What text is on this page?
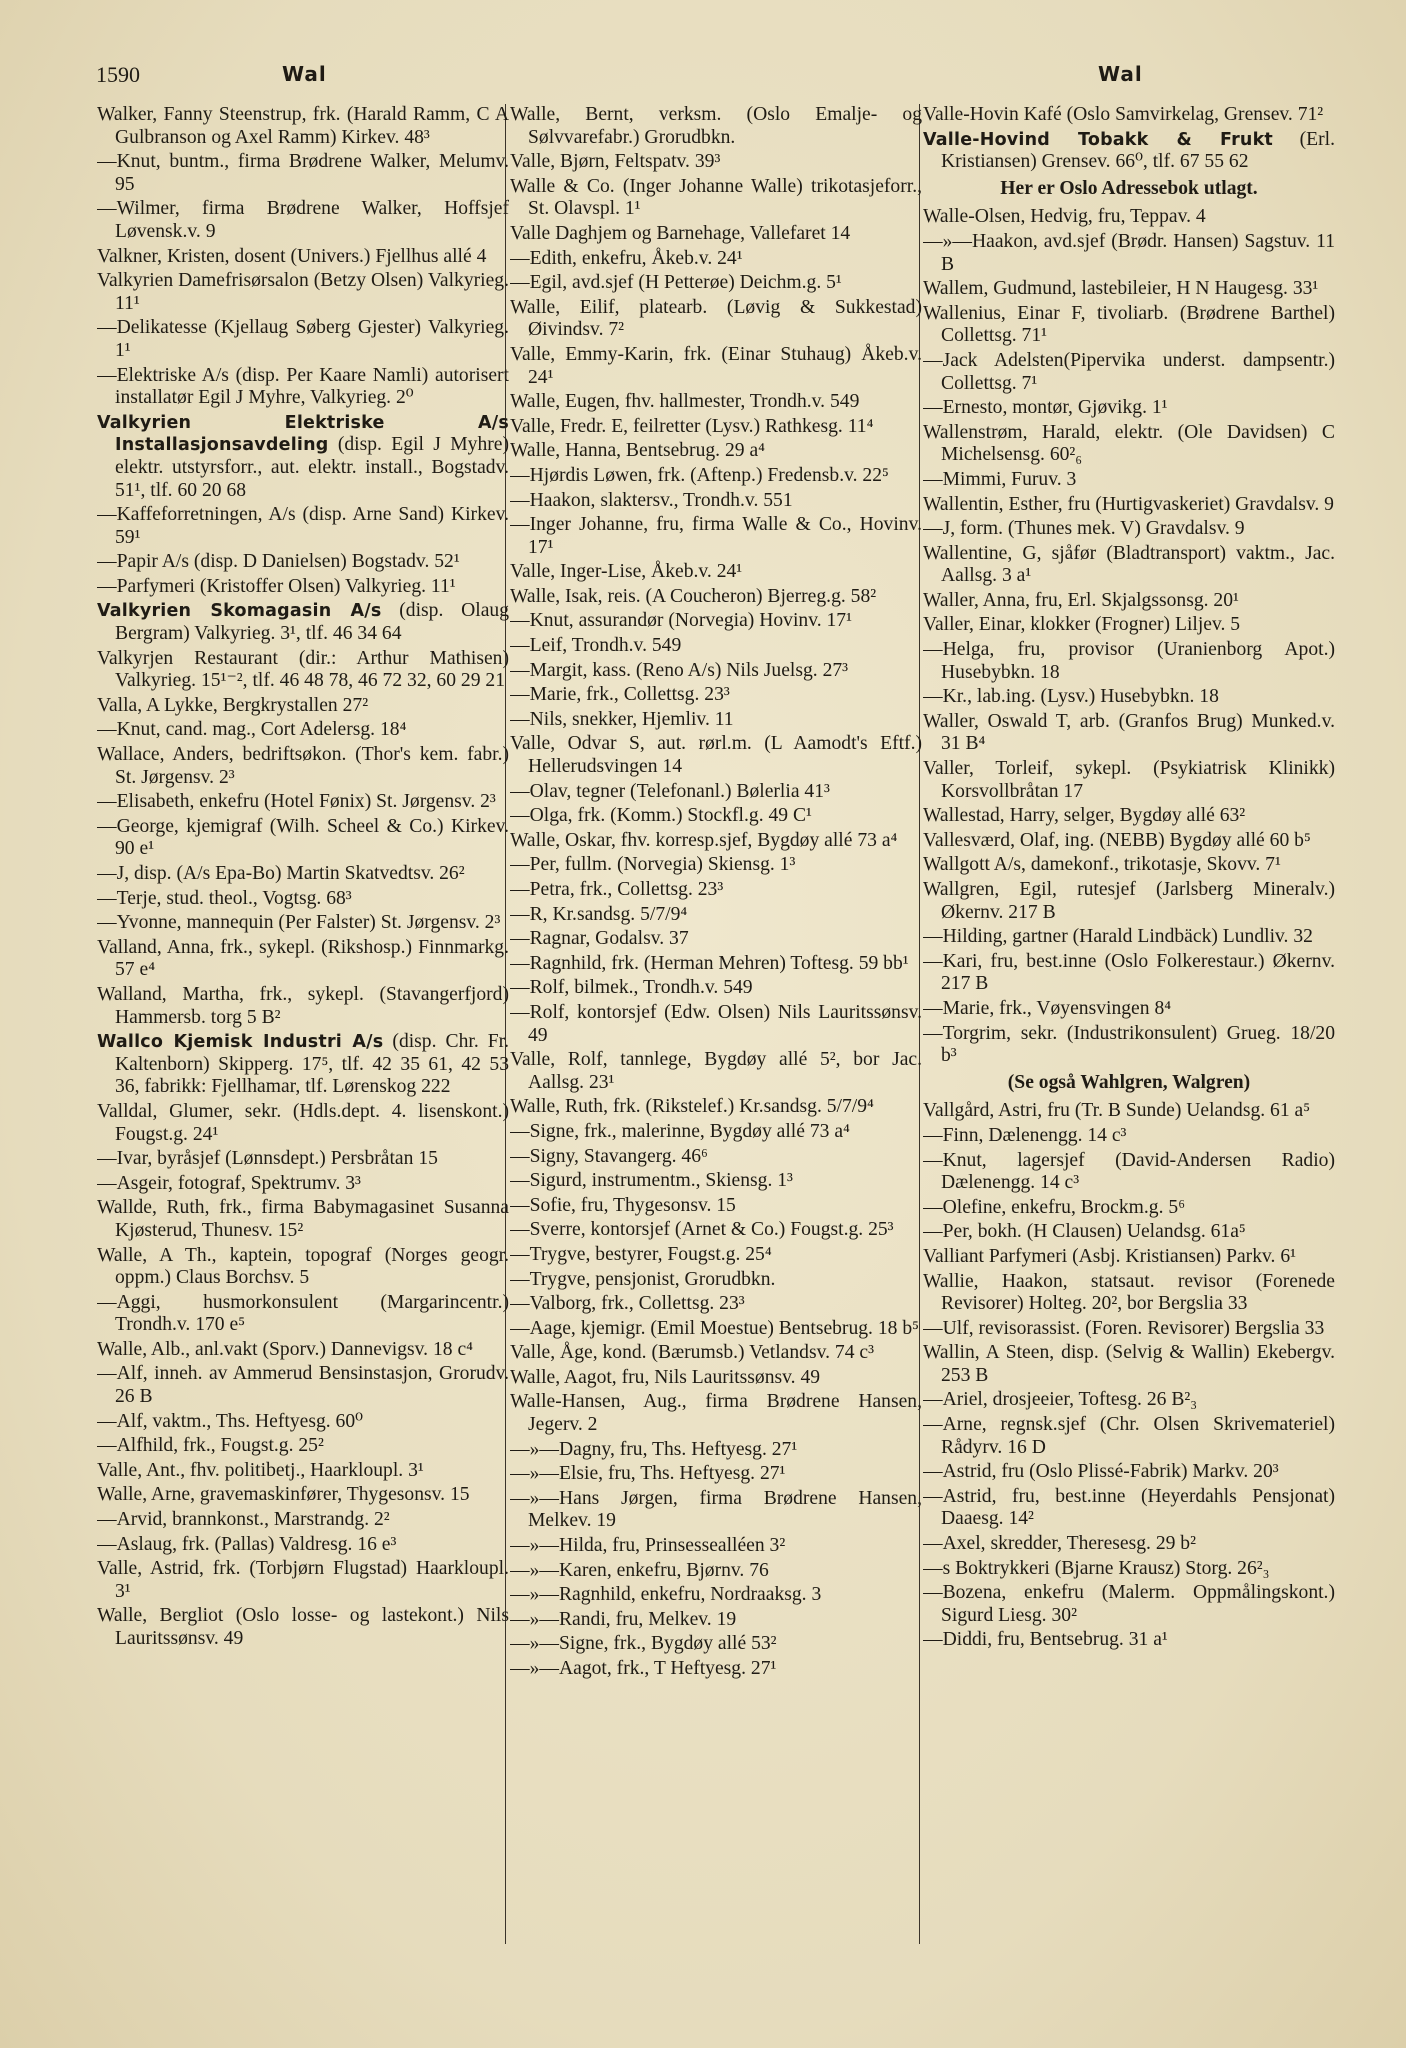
1590	Wal	Wal

Walker, Fanny Steenstrup, frk. (Harald Ramm, C A Gulbranson og Axel Ramm) Kirkev. 48³

—Knut, buntm., firma Brødrene Walker, Melumv. 95

—Wilmer, firma Brødrene Walker, Hoffsjef Løvensk.v. 9

Valkner, Kristen, dosent (Univers.) Fjellhus allé 4

Valkyrien Damefrisørsalon (Betzy Olsen) Valkyrieg. 11¹

—Delikatesse (Kjellaug Søberg Gjester) Valkyrieg. 1¹

—Elektriske A/s (disp. Per Kaare Namli) autorisert installatør Egil J Myhre, Valkyrieg. 2⁰

Valkyrien Elektriske A/s Installasjonsavdeling (disp. Egil J Myhre) elektr. utstyrsforr., aut. elektr. install., Bogstadv. 51¹, tlf. 60 20 68

—Kaffeforretningen, A/s (disp. Arne Sand) Kirkev. 59¹

—Papir A/s (disp. D Danielsen) Bogstadv. 52¹

—Parfymeri (Kristoffer Olsen) Valkyrieg. 11¹

Valkyrien Skomagasin A/s (disp. Olaug Bergram) Valkyrieg. 3¹, tlf. 46 34 64

Valkyrjen Restaurant (dir.: Arthur Mathisen) Valkyrieg. 15¹⁻², tlf. 46 48 78, 46 72 32, 60 29 21

Valla, A Lykke, Bergkrystallen 27²

—Knut, cand. mag., Cort Adelersg. 18⁴

Wallace, Anders, bedriftsøkon. (Thor's kem. fabr.) St. Jørgensv. 2³

—Elisabeth, enkefru (Hotel Fønix) St. Jørgensv. 2³

—George, kjemigraf (Wilh. Scheel & Co.) Kirkev. 90 e¹

—J, disp. (A/s Epa-Bo) Martin Skatvedtsv. 26²

—Terje, stud. theol., Vogtsg. 68³

—Yvonne, mannequin (Per Falster) St. Jørgensv. 2³

Valland, Anna, frk., sykepl. (Rikshosp.) Finnmarkg. 57 e⁴

Walland, Martha, frk., sykepl. (Stavangerfjord) Hammersb. torg 5 B²

Wallco Kjemisk Industri A/s (disp. Chr. Fr. Kaltenborn) Skipperg. 17⁵, tlf. 42 35 61, 42 53 36, fabrikk: Fjellhamar, tlf. Lørenskog 222

Valldal, Glumer, sekr. (Hdls.dept. 4. lisenskont.) Fougst.g. 24¹

—Ivar, byråsjef (Lønnsdept.) Persbråtan 15

—Asgeir, fotograf, Spektrumv. 3³

Wallde, Ruth, frk., firma Babymagasinet Susanna Kjøsterud, Thunesv. 15²

Walle, A Th., kaptein, topograf (Norges geogr. oppm.) Claus Borchsv. 5

—Aggi, husmorkonsulent (Margarincentr.) Trondh.v. 170 e⁵

Walle, Alb., anl.vakt (Sporv.) Dannevigsv. 18 c⁴

—Alf, inneh. av Ammerud Bensinstasjon, Grorudv. 26 B

—Alf, vaktm., Ths. Heftyesg. 60⁰

—Alfhild, frk., Fougst.g. 25²

Valle, Ant., fhv. politibetj., Haarkloupl. 3¹

Walle, Arne, gravemaskinfører, Thygesonsv. 15

—Arvid, brannkonst., Marstrandg. 2²

—Aslaug, frk. (Pallas) Valdresg. 16 e³

Valle, Astrid, frk. (Torbjørn Flugstad) Haarkloupl. 3¹

Walle, Bergliot (Oslo losse- og lastekont.) Nils Lauritssønsv. 49

Walle, Bernt, verksm. (Oslo Emalje- og Sølvvarefabr.) Grorudbkn.

Valle, Bjørn, Feltspatv. 39³

Walle & Co. (Inger Johanne Walle) trikotasjeforr., St. Olavspl. 1¹

Valle Daghjem og Barnehage, Vallefaret 14

—Edith, enkefru, Åkeb.v. 24¹

—Egil, avd.sjef (H Petterøe) Deichm.g. 5¹

Walle, Eilif, platearb. (Løvig & Sukkestad) Øivindsv. 7²

Valle, Emmy-Karin, frk. (Einar Stuhaug) Åkeb.v. 24¹

Walle, Eugen, fhv. hallmester, Trondh.v. 549

Valle, Fredr. E, feilretter (Lysv.) Rathkesg. 11⁴

Walle, Hanna, Bentsebrug. 29 a⁴

—Hjørdis Løwen, frk. (Aftenp.) Fredensb.v. 22⁵

—Haakon, slaktersv., Trondh.v. 551

—Inger Johanne, fru, firma Walle & Co., Hovinv. 17¹

Valle, Inger-Lise, Åkeb.v. 24¹

Walle, Isak, reis. (A Coucheron) Bjerreg.g. 58²

—Knut, assurandør (Norvegia) Hovinv. 17¹

—Leif, Trondh.v. 549

—Margit, kass. (Reno A/s) Nils Juelsg. 27³

—Marie, frk., Collettsg. 23³

—Nils, snekker, Hjemliv. 11

Valle, Odvar S, aut. rørl.m. (L Aamodt's Eftf.) Hellerudsvingen 14

—Olav, tegner (Telefonanl.) Bølerlia 41³

—Olga, frk. (Komm.) Stockfl.g. 49 C¹

Walle, Oskar, fhv. korresp.sjef, Bygdøy allé 73 a⁴

—Per, fullm. (Norvegia) Skiensg. 1³

—Petra, frk., Collettsg. 23³

—R, Kr.sandsg. 5/7/9⁴

—Ragnar, Godalsv. 37

—Ragnhild, frk. (Herman Mehren) Toftesg. 59 bb¹

—Rolf, bilmek., Trondh.v. 549

—Rolf, kontorsjef (Edw. Olsen) Nils Lauritssønsv. 49

Valle, Rolf, tannlege, Bygdøy allé 5², bor Jac. Aallsg. 23¹

Walle, Ruth, frk. (Rikstelef.) Kr.sandsg. 5/7/9⁴

—Signe, frk., malerinne, Bygdøy allé 73 a⁴

—Signy, Stavangerg. 46⁶

—Sigurd, instrumentm., Skiensg. 1³

—Sofie, fru, Thygesonsv. 15

—Sverre, kontorsjef (Arnet & Co.) Fougst.g. 25³

—Trygve, bestyrer, Fougst.g. 25⁴

—Trygve, pensjonist, Grorudbkn.

—Valborg, frk., Collettsg. 23³

—Aage, kjemigr. (Emil Moestue) Bentsebrug. 18 b⁵

Valle, Åge, kond. (Bærumsb.) Vetlandsv. 74 c³

Walle, Aagot, fru, Nils Lauritssønsv. 49

Walle-Hansen, Aug., firma Brødrene Hansen, Jegerv. 2

—»—Dagny, fru, Ths. Heftyesg. 27¹

—»—Elsie, fru, Ths. Heftyesg. 27¹

—»—Hans Jørgen, firma Brødrene Hansen, Melkev. 19

—»—Hilda, fru, Prinsessealléen 3²

—»—Karen, enkefru, Bjørnv. 76

—»—Ragnhild, enkefru, Nordraaksg. 3

—»—Randi, fru, Melkev. 19

—»—Signe, frk., Bygdøy allé 53²

—»—Aagot, frk., T Heftyesg. 27¹

Valle-Hovin Kafé (Oslo Samvirkelag, Grensev. 71²

Valle-Hovind Tobakk & Frukt (Erl. Kristiansen) Grensev. 66⁰, tlf. 67 55 62

Her er Oslo Adressebok utlagt.

Walle-Olsen, Hedvig, fru, Teppav. 4

—»—Haakon, avd.sjef (Brødr. Hansen) Sagstuv. 11 B

Wallem, Gudmund, lastebileier, H N Haugesg. 33¹

Wallenius, Einar F, tivoliarb. (Brødrene Barthel) Collettsg. 71¹

—Jack Adelsten(Pipervika underst. dampsentr.) Collettsg. 7¹

—Ernesto, montør, Gjøvikg. 1¹

Wallenstrøm, Harald, elektr. (Ole Davidsen) C Michelsensg. 60²₆

—Mimmi, Furuv. 3

Wallentin, Esther, fru (Hurtigvaskeriet) Gravdalsv. 9

—J, form. (Thunes mek. V) Gravdalsv. 9

Wallentine, G, sjåfør (Bladtransport) vaktm., Jac. Aallsg. 3 a¹

Waller, Anna, fru, Erl. Skjalgssonsg. 20¹

Valler, Einar, klokker (Frogner) Liljev. 5

—Helga, fru, provisor (Uranienborg Apot.) Husebybkn. 18

—Kr., lab.ing. (Lysv.) Husebybkn. 18

Waller, Oswald T, arb. (Granfos Brug) Munked.v. 31 B⁴

Valler, Torleif, sykepl. (Psykiatrisk Klinikk) Korsvollbråtan 17

Wallestad, Harry, selger, Bygdøy allé 63²

Vallesværd, Olaf, ing. (NEBB) Bygdøy allé 60 b⁵

Wallgott A/s, damekonf., trikotasje, Skovv. 7¹

Wallgren, Egil, rutesjef (Jarlsberg Mineralv.) Økernv. 217 B

—Hilding, gartner (Harald Lindbäck) Lundliv. 32

—Kari, fru, best.inne (Oslo Folkerestaur.) Økernv. 217 B

—Marie, frk., Vøyensvingen 8⁴

—Torgrim, sekr. (Industrikonsulent) Grueg. 18/20 b³

(Se også Wahlgren, Walgren)

Vallgård, Astri, fru (Tr. B Sunde) Uelandsg. 61 a⁵

—Finn, Dælenengg. 14 c³

—Knut, lagersjef (David-Andersen Radio) Dælenengg. 14 c³

—Olefine, enkefru, Brockm.g. 5⁶

—Per, bokh. (H Clausen) Uelandsg. 61a⁵

Valliant Parfymeri (Asbj. Kristiansen) Parkv. 6¹

Wallie, Haakon, statsaut. revisor (Forenede Revisorer) Holteg. 20², bor Bergslia 33

—Ulf, revisorassist. (Foren. Revisorer) Bergslia 33

Wallin, A Steen, disp. (Selvig & Wallin) Ekebergv. 253 B

—Ariel, drosjeeier, Toftesg. 26 B²₃

—Arne, regnsk.sjef (Chr. Olsen Skrivemateriel) Rådyrv. 16 D

—Astrid, fru (Oslo Plissé-Fabrik) Markv. 20³

—Astrid, fru, best.inne (Heyerdahls Pensjonat) Daaesg. 14²

—Axel, skredder, Theresesg. 29 b²

—s Boktrykkeri (Bjarne Krausz) Storg. 26²₃

—Bozena, enkefru (Malerm. Oppmålingskont.) Sigurd Liesg. 30²

—Diddi, fru, Bentsebrug. 31 a¹
